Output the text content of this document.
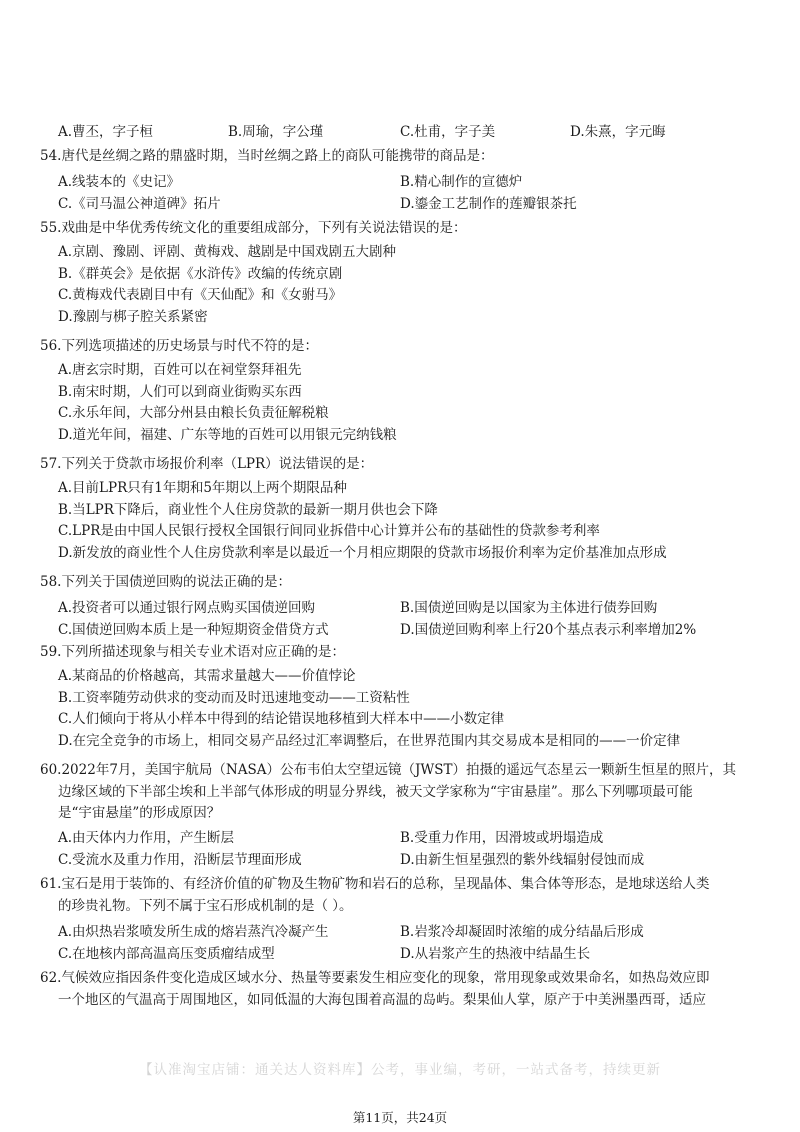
A.曹丕，字子桓	B.周瑜，字公瑾	C.杜甫，字子美	D.朱熹，字元晦
54.唐代是丝绸之路的鼎盛时期，当时丝绸之路上的商队可能携带的商品是：
A.线装本的《史记》	B.精心制作的宣德炉
C.《司马温公神道碑》拓片	D.鎏金工艺制作的莲瓣银茶托
55.戏曲是中华优秀传统文化的重要组成部分，下列有关说法错误的是：
A.京剧、豫剧、评剧、黄梅戏、越剧是中国戏剧五大剧种
B.《群英会》是依据《水浒传》改编的传统京剧
C.黄梅戏代表剧目中有《天仙配》和《女驸马》
D.豫剧与梆子腔关系紧密
56.下列选项描述的历史场景与时代不符的是：
A.唐玄宗时期，百姓可以在祠堂祭拜祖先
B.南宋时期，人们可以到商业街购买东西
C.永乐年间，大部分州县由粮长负责征解税粮
D.道光年间，福建、广东等地的百姓可以用银元完纳钱粮
57.下列关于贷款市场报价利率（LPR）说法错误的是：
A.目前LPR只有1年期和5年期以上两个期限品种
B.当LPR下降后，商业性个人住房贷款的最新一期月供也会下降
C.LPR是由中国人民银行授权全国银行间同业拆借中心计算并公布的基础性的贷款参考利率
D.新发放的商业性个人住房贷款利率是以最近一个月相应期限的贷款市场报价利率为定价基准加点形成
58.下列关于国债逆回购的说法正确的是：
A.投资者可以通过银行网点购买国债逆回购	B.国债逆回购是以国家为主体进行债券回购
C.国债逆回购本质上是一种短期资金借贷方式	D.国债逆回购利率上行20个基点表示利率增加2%
59.下列所描述现象与相关专业术语对应正确的是：
A.某商品的价格越高，其需求量越大——价值悖论
B.工资率随劳动供求的变动而及时迅速地变动——工资粘性
C.人们倾向于将从小样本中得到的结论错误地移植到大样本中——小数定律
D.在完全竞争的市场上，相同交易产品经过汇率调整后，在世界范围内其交易成本是相同的——一价定律
60.2022年7月，美国宇航局（NASA）公布韦伯太空望远镜（JWST）拍摄的遥远气态星云一颗新生恒星的照片，其
边缘区域的下半部尘埃和上半部气体形成的明显分界线，被天文学家称为“宇宙悬崖”。那么下列哪项最可能
是“宇宙悬崖”的形成原因？
A.由天体内力作用，产生断层	B.受重力作用，因滑坡或坍塌造成
C.受流水及重力作用，沿断层节理面形成	D.由新生恒星强烈的紫外线辐射侵蚀而成
61.宝石是用于装饰的、有经济价值的矿物及生物矿物和岩石的总称，呈现晶体、集合体等形态，是地球送给人类
的珍贵礼物。下列不属于宝石形成机制的是（ ）。
A.由炽热岩浆喷发所生成的熔岩蒸汽冷凝产生	B.岩浆冷却凝固时浓缩的成分结晶后形成
C.在地核内部高温高压变质瘤结成型	D.从岩浆产生的热液中结晶生长
62.气候效应指因条件变化造成区域水分、热量等要素发生相应变化的现象，常用现象或效果命名，如热岛效应即
一个地区的气温高于周围地区，如同低温的大海包围着高温的岛屿。梨果仙人掌，原产于中美洲墨西哥，适应
【认准淘宝店铺：通关达人资料库】公考，事业编，考研，一站式备考，持续更新
第11页，共24页
